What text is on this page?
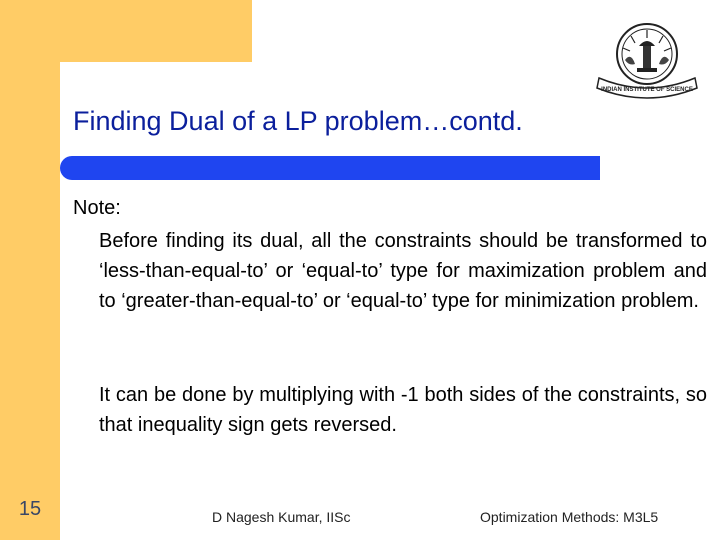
INDIAN INSTITUTE OF SCIENCE
Finding Dual of a LP problem…contd.
Note:

Before finding its dual, all the constraints should be transformed to ‘less-than-equal-to’ or ‘equal-to’ type for maximization problem and to ‘greater-than-equal-to’ or ‘equal-to’ type for minimization problem.

It can be done by multiplying with -1 both sides of the constraints, so that inequality sign gets reversed.

15	D Nagesh Kumar, IISc	Optimization Methods: M3L5
